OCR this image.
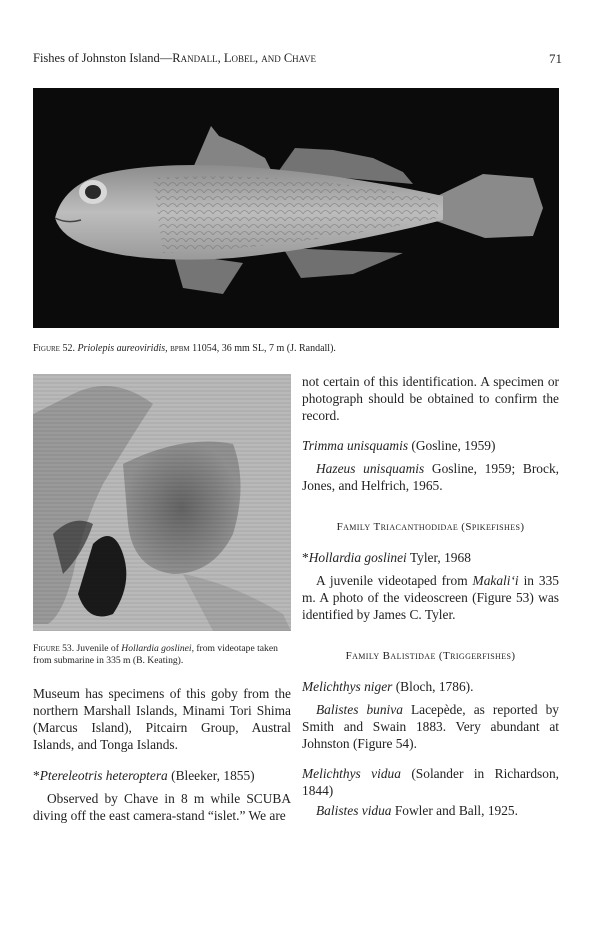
Fishes of Johnston Island—Randall, Lobel, and Chave	71
Figure 52. Priolepis aureoviridis, bpbm 11054, 36 mm SL, 7 m (J. Randall).
Figure 53. Juvenile of Hollardia goslinei, from videotape taken from submarine in 335 m (B. Keating).
Museum has specimens of this goby from the northern Marshall Islands, Minami Tori Shima (Marcus Island), Pitcairn Group, Austral Islands, and Tonga Islands.
*Ptereleotris heteroptera (Bleeker, 1855)
Observed by Chave in 8 m while SCUBA diving off the east camera-stand “islet.” We are
not certain of this identification. A specimen or photograph should be obtained to confirm the record.
Trimma unisquamis (Gosline, 1959)
Hazeus unisquamis Gosline, 1959; Brock, Jones, and Helfrich, 1965.
Family Triacanthodidae (Spikefishes)
*Hollardia goslinei Tyler, 1968
A juvenile videotaped from Makali‘i in 335 m. A photo of the videoscreen (Figure 53) was identified by James C. Tyler.
Family Balistidae (Triggerfishes)
Melichthys niger (Bloch, 1786).
Balistes buniva Lacepède, as reported by Smith and Swain 1883. Very abundant at Johnston (Figure 54).
Melichthys vidua (Solander in Richardson, 1844)
Balistes vidua Fowler and Ball, 1925.
